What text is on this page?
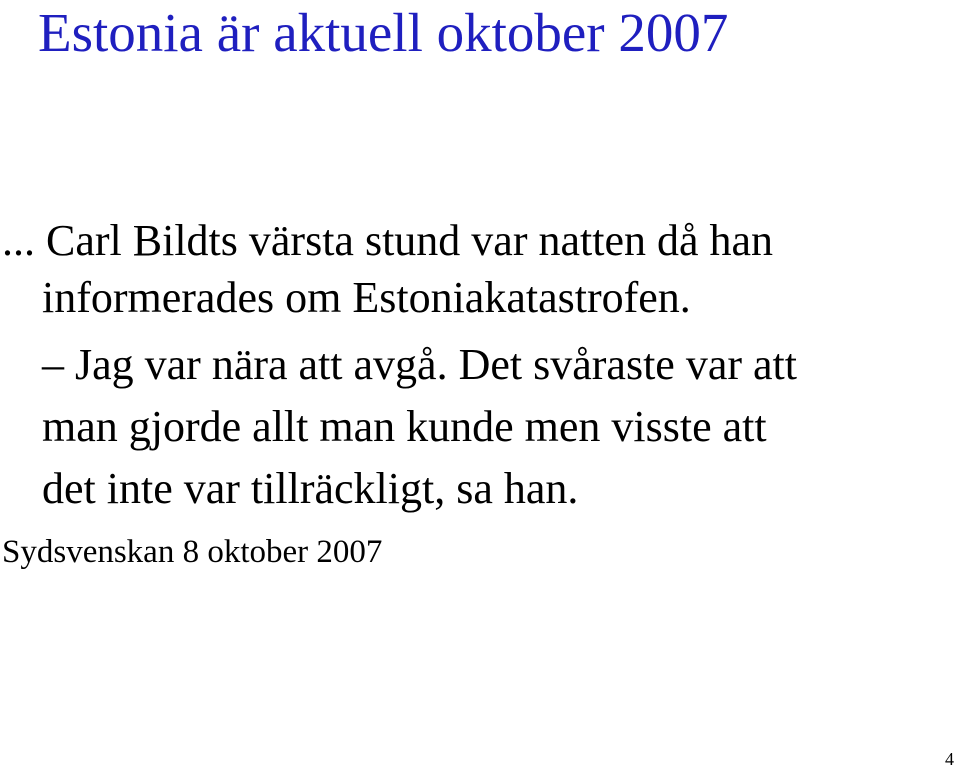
Estonia är aktuell oktober 2007

... Carl Bildts värsta stund var natten då han

informerades om Estoniakatastrofen.

– Jag var nära att avgå. Det svåraste var att

man gjorde allt man kunde men visste att

det inte var tillräckligt, sa han.

Sydsvenskan 8 oktober 2007

4
